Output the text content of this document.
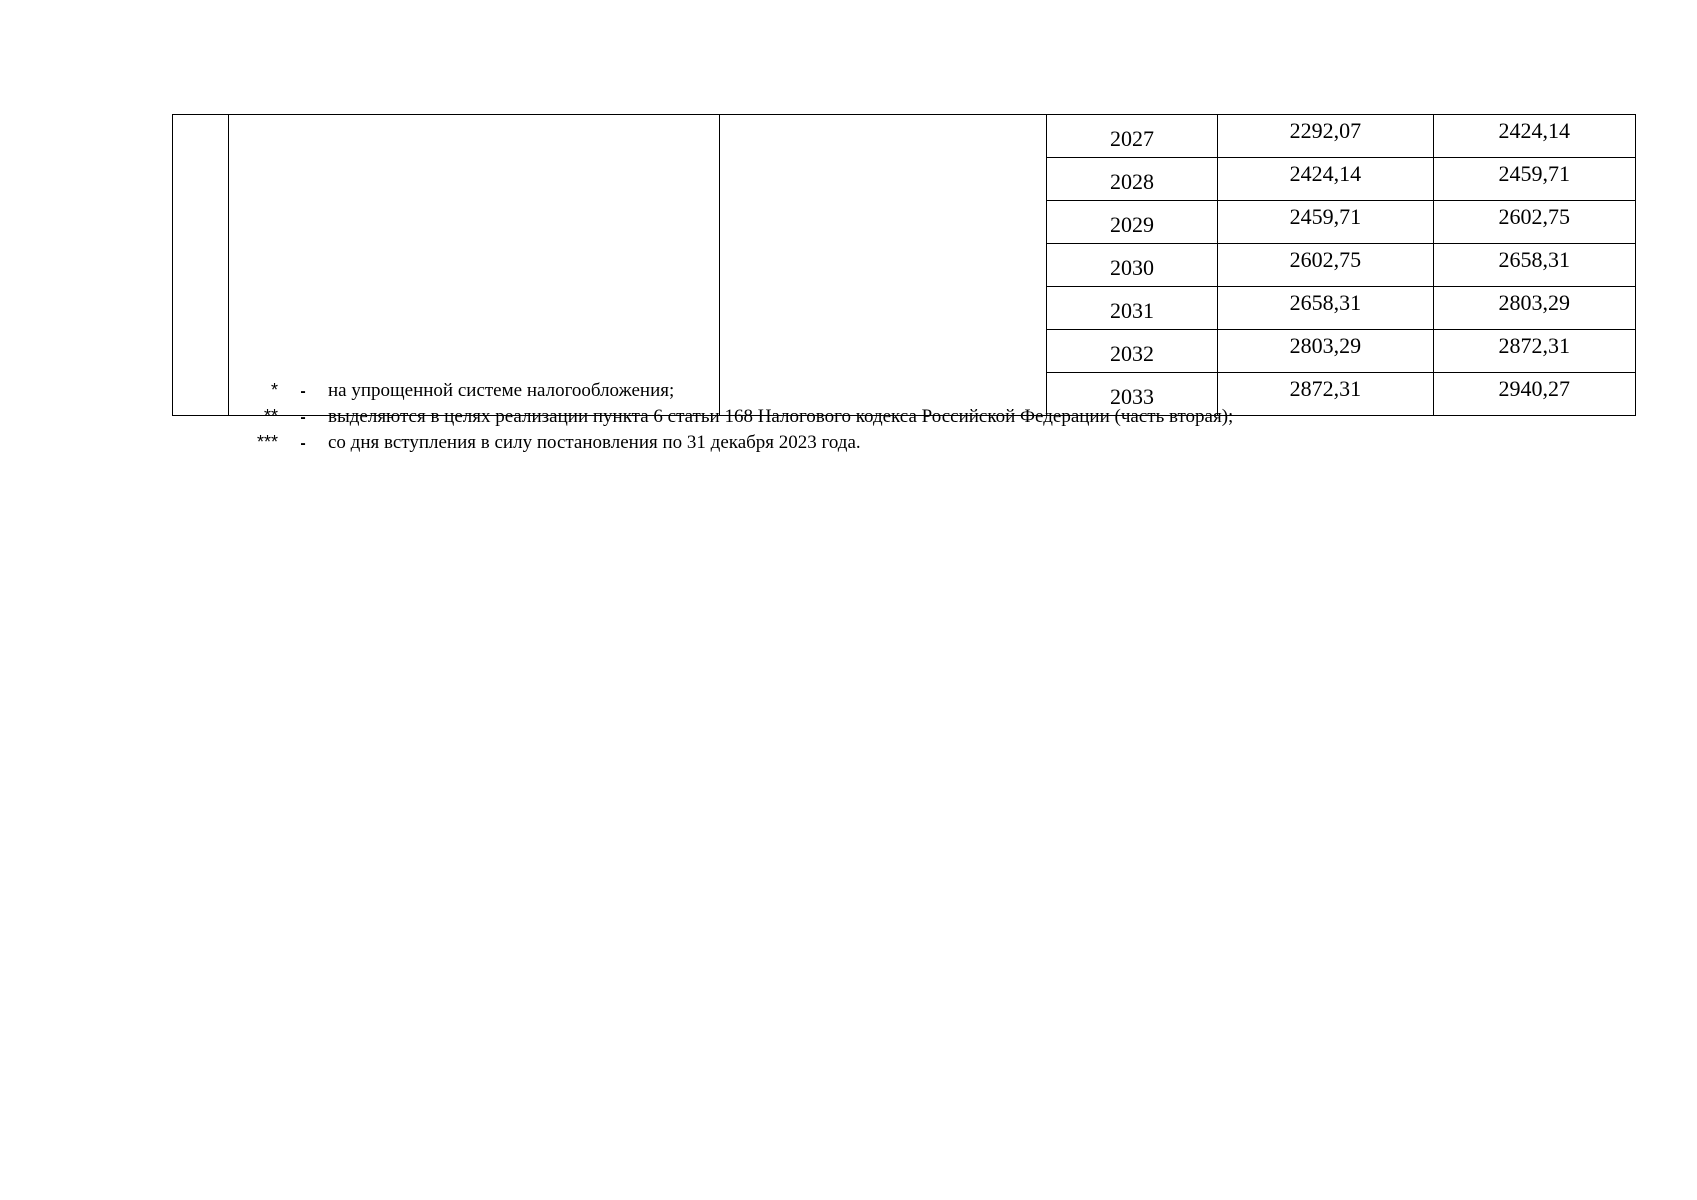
			2027	2292,07	2424,14
			2028	2424,14	2459,71
			2029	2459,71	2602,75
			2030	2602,75	2658,31
			2031	2658,31	2803,29
			2032	2803,29	2872,31
			2033	2872,31	2940,27
*	-	на упрощенной системе налогообложения;
**	-	выделяются в целях реализации пункта 6 статьи 168 Налогового кодекса Российской Федерации (часть вторая);
***	-	со дня вступления в силу постановления по 31 декабря 2023 года.
